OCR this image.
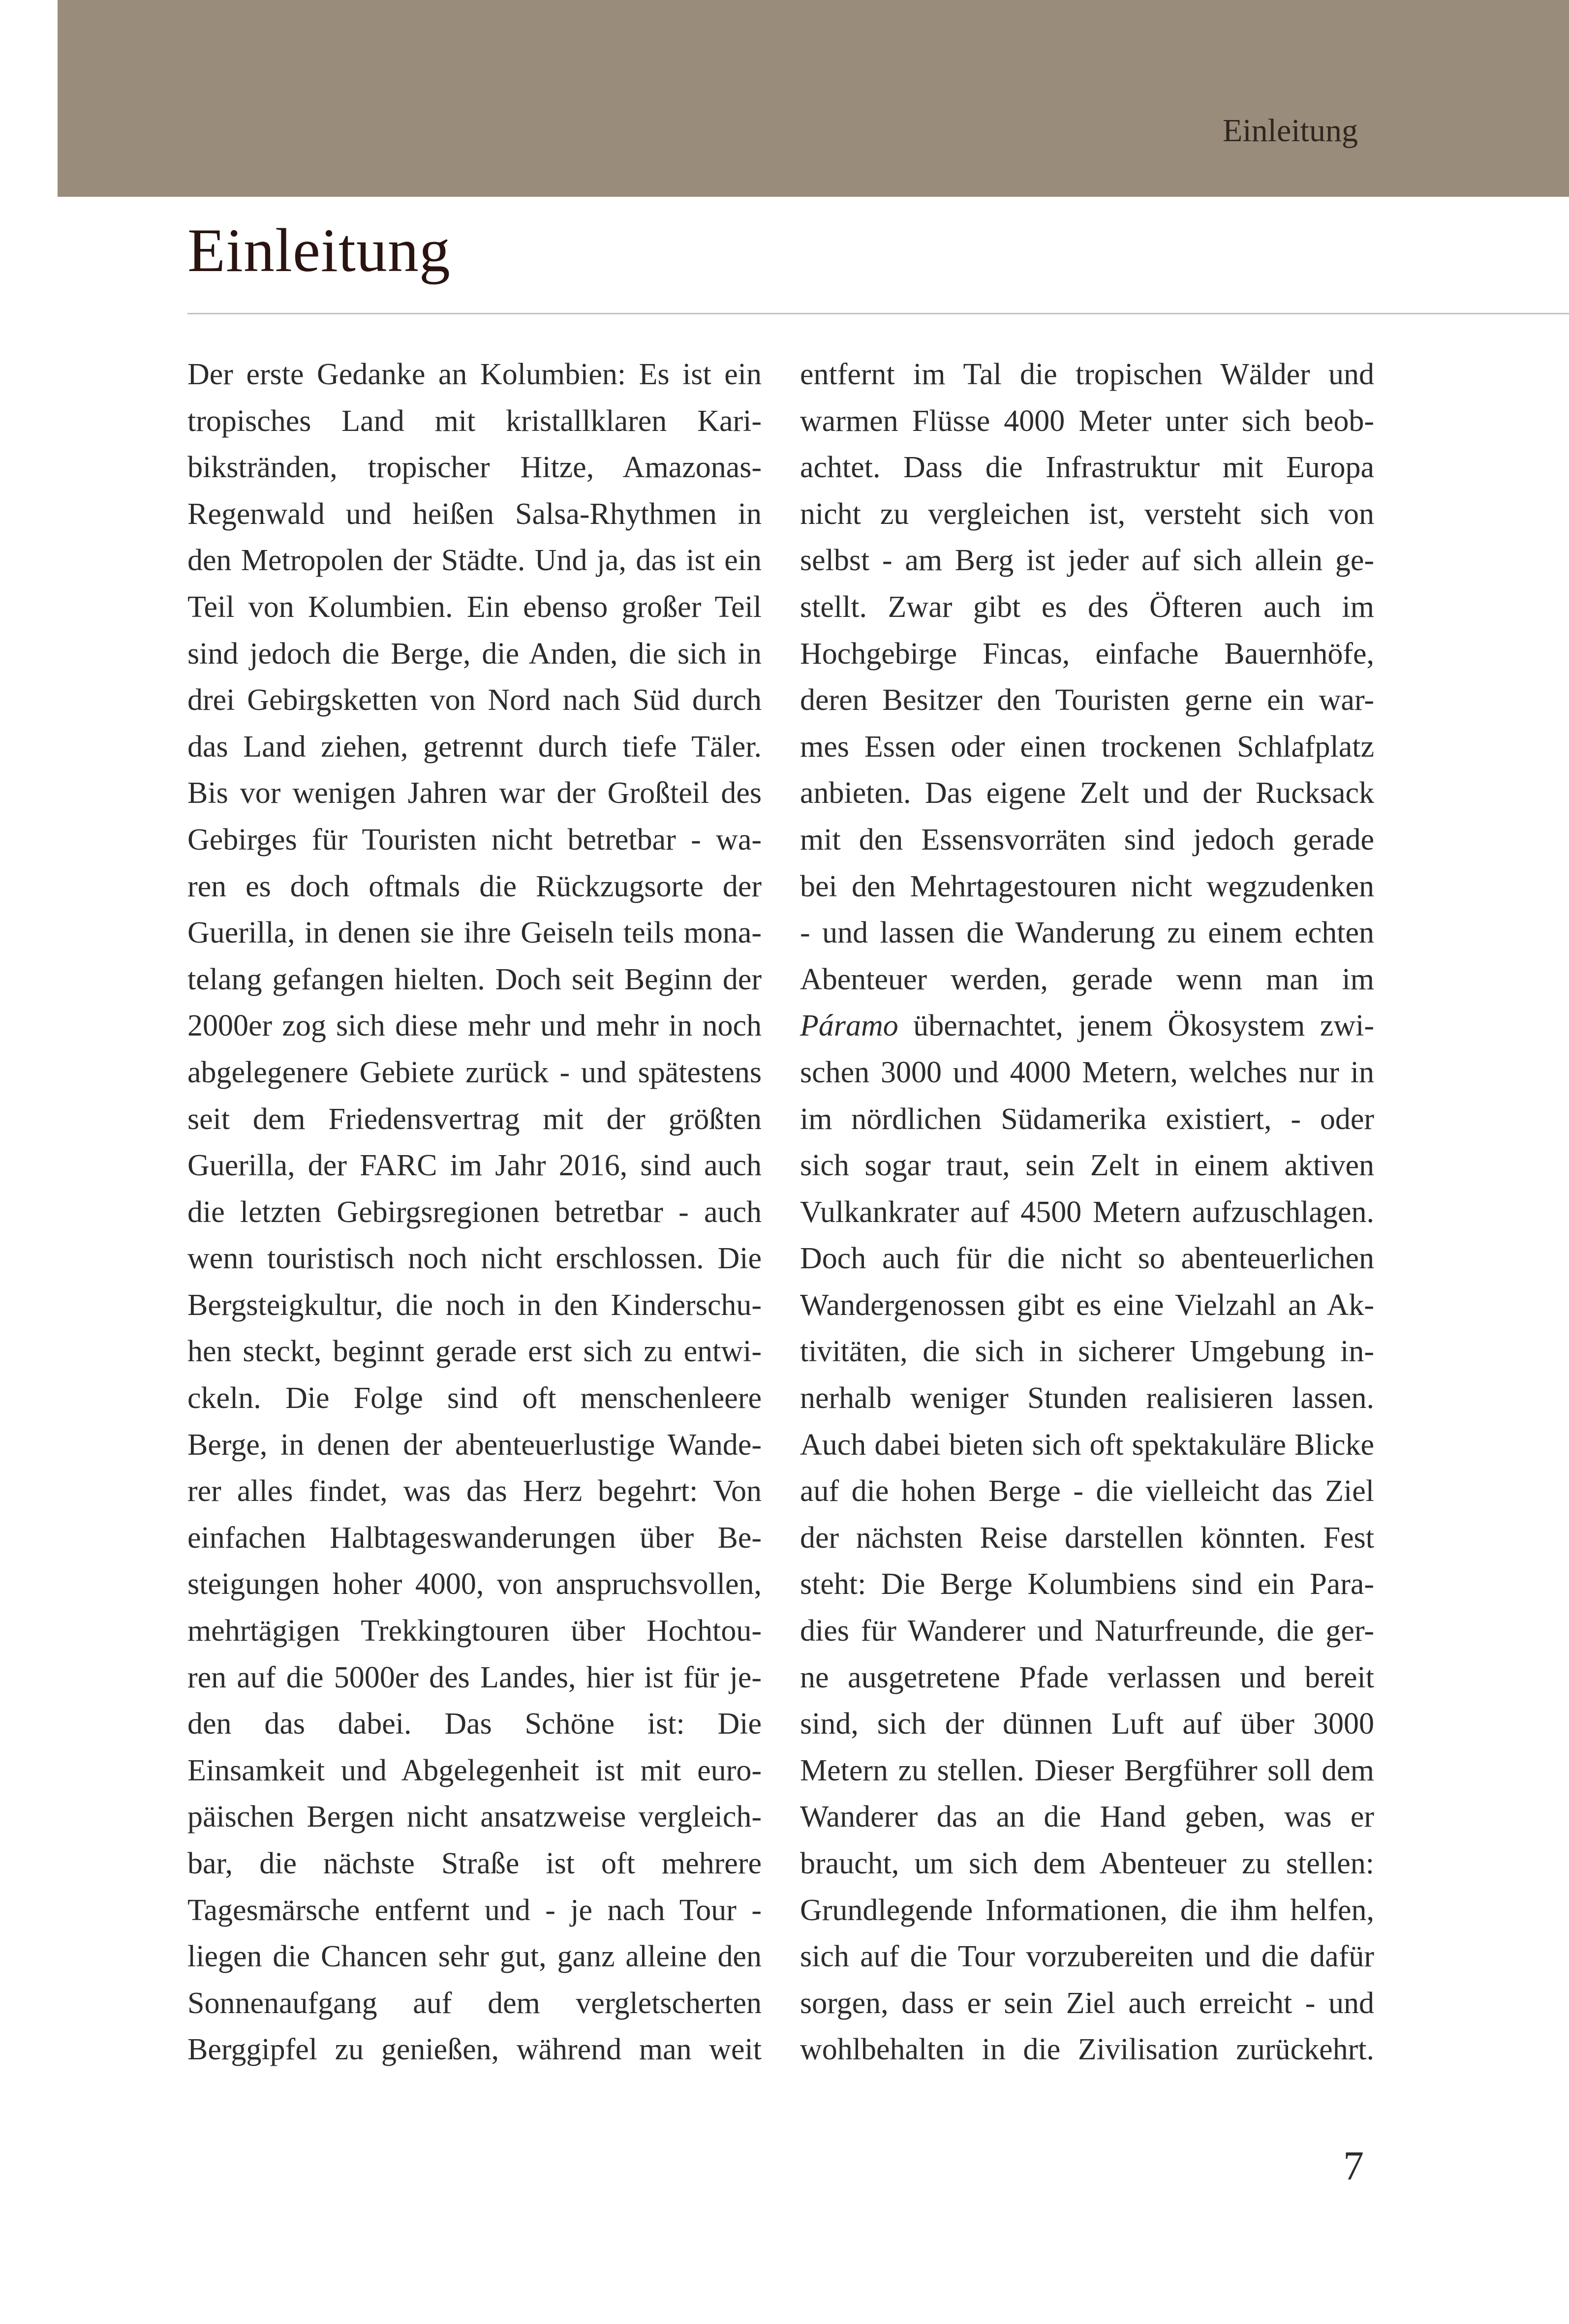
Einleitung
Einleitung
Der erste Gedanke an Kolumbien: Es ist ein
tropisches Land mit kristallklaren Kari-
bikstränden, tropischer Hitze, Amazonas-
Regenwald und heißen Salsa-Rhythmen in
den Metropolen der Städte. Und ja, das ist ein
Teil von Kolumbien. Ein ebenso großer Teil
sind jedoch die Berge, die Anden, die sich in
drei Gebirgsketten von Nord nach Süd durch
das Land ziehen, getrennt durch tiefe Täler.
Bis vor wenigen Jahren war der Großteil des
Gebirges für Touristen nicht betretbar - wa-
ren es doch oftmals die Rückzugsorte der
Guerilla, in denen sie ihre Geiseln teils mona-
telang gefangen hielten. Doch seit Beginn der
2000er zog sich diese mehr und mehr in noch
abgelegenere Gebiete zurück - und spätestens
seit dem Friedensvertrag mit der größten
Guerilla, der FARC im Jahr 2016, sind auch
die letzten Gebirgsregionen betretbar - auch
wenn touristisch noch nicht erschlossen. Die
Bergsteigkultur, die noch in den Kinderschu-
hen steckt, beginnt gerade erst sich zu entwi-
ckeln. Die Folge sind oft menschenleere
Berge, in denen der abenteuerlustige Wande-
rer alles findet, was das Herz begehrt: Von
einfachen Halbtageswanderungen über Be-
steigungen hoher 4000, von anspruchsvollen,
mehrtägigen Trekkingtouren über Hochtou-
ren auf die 5000er des Landes, hier ist für je-
den das dabei. Das Schöne ist: Die
Einsamkeit und Abgelegenheit ist mit euro-
päischen Bergen nicht ansatzweise vergleich-
bar, die nächste Straße ist oft mehrere
Tagesmärsche entfernt und - je nach Tour -
liegen die Chancen sehr gut, ganz alleine den
Sonnenaufgang auf dem vergletscherten
Berggipfel zu genießen, während man weit
entfernt im Tal die tropischen Wälder und
warmen Flüsse 4000 Meter unter sich beob-
achtet. Dass die Infrastruktur mit Europa
nicht zu vergleichen ist, versteht sich von
selbst - am Berg ist jeder auf sich allein ge-
stellt. Zwar gibt es des Öfteren auch im
Hochgebirge Fincas, einfache Bauernhöfe,
deren Besitzer den Touristen gerne ein war-
mes Essen oder einen trockenen Schlafplatz
anbieten. Das eigene Zelt und der Rucksack
mit den Essensvorräten sind jedoch gerade
bei den Mehrtagestouren nicht wegzudenken
- und lassen die Wanderung zu einem echten
Abenteuer werden, gerade wenn man im
Páramo übernachtet, jenem Ökosystem zwi-
schen 3000 und 4000 Metern, welches nur in
im nördlichen Südamerika existiert, - oder
sich sogar traut, sein Zelt in einem aktiven
Vulkankrater auf 4500 Metern aufzuschlagen.
Doch auch für die nicht so abenteuerlichen
Wandergenossen gibt es eine Vielzahl an Ak-
tivitäten, die sich in sicherer Umgebung in-
nerhalb weniger Stunden realisieren lassen.
Auch dabei bieten sich oft spektakuläre Blicke
auf die hohen Berge - die vielleicht das Ziel
der nächsten Reise darstellen könnten. Fest
steht: Die Berge Kolumbiens sind ein Para-
dies für Wanderer und Naturfreunde, die ger-
ne ausgetretene Pfade verlassen und bereit
sind, sich der dünnen Luft auf über 3000
Metern zu stellen. Dieser Bergführer soll dem
Wanderer das an die Hand geben, was er
braucht, um sich dem Abenteuer zu stellen:
Grundlegende Informationen, die ihm helfen,
sich auf die Tour vorzubereiten und die dafür
sorgen, dass er sein Ziel auch erreicht - und
wohlbehalten in die Zivilisation zurückehrt.
7
